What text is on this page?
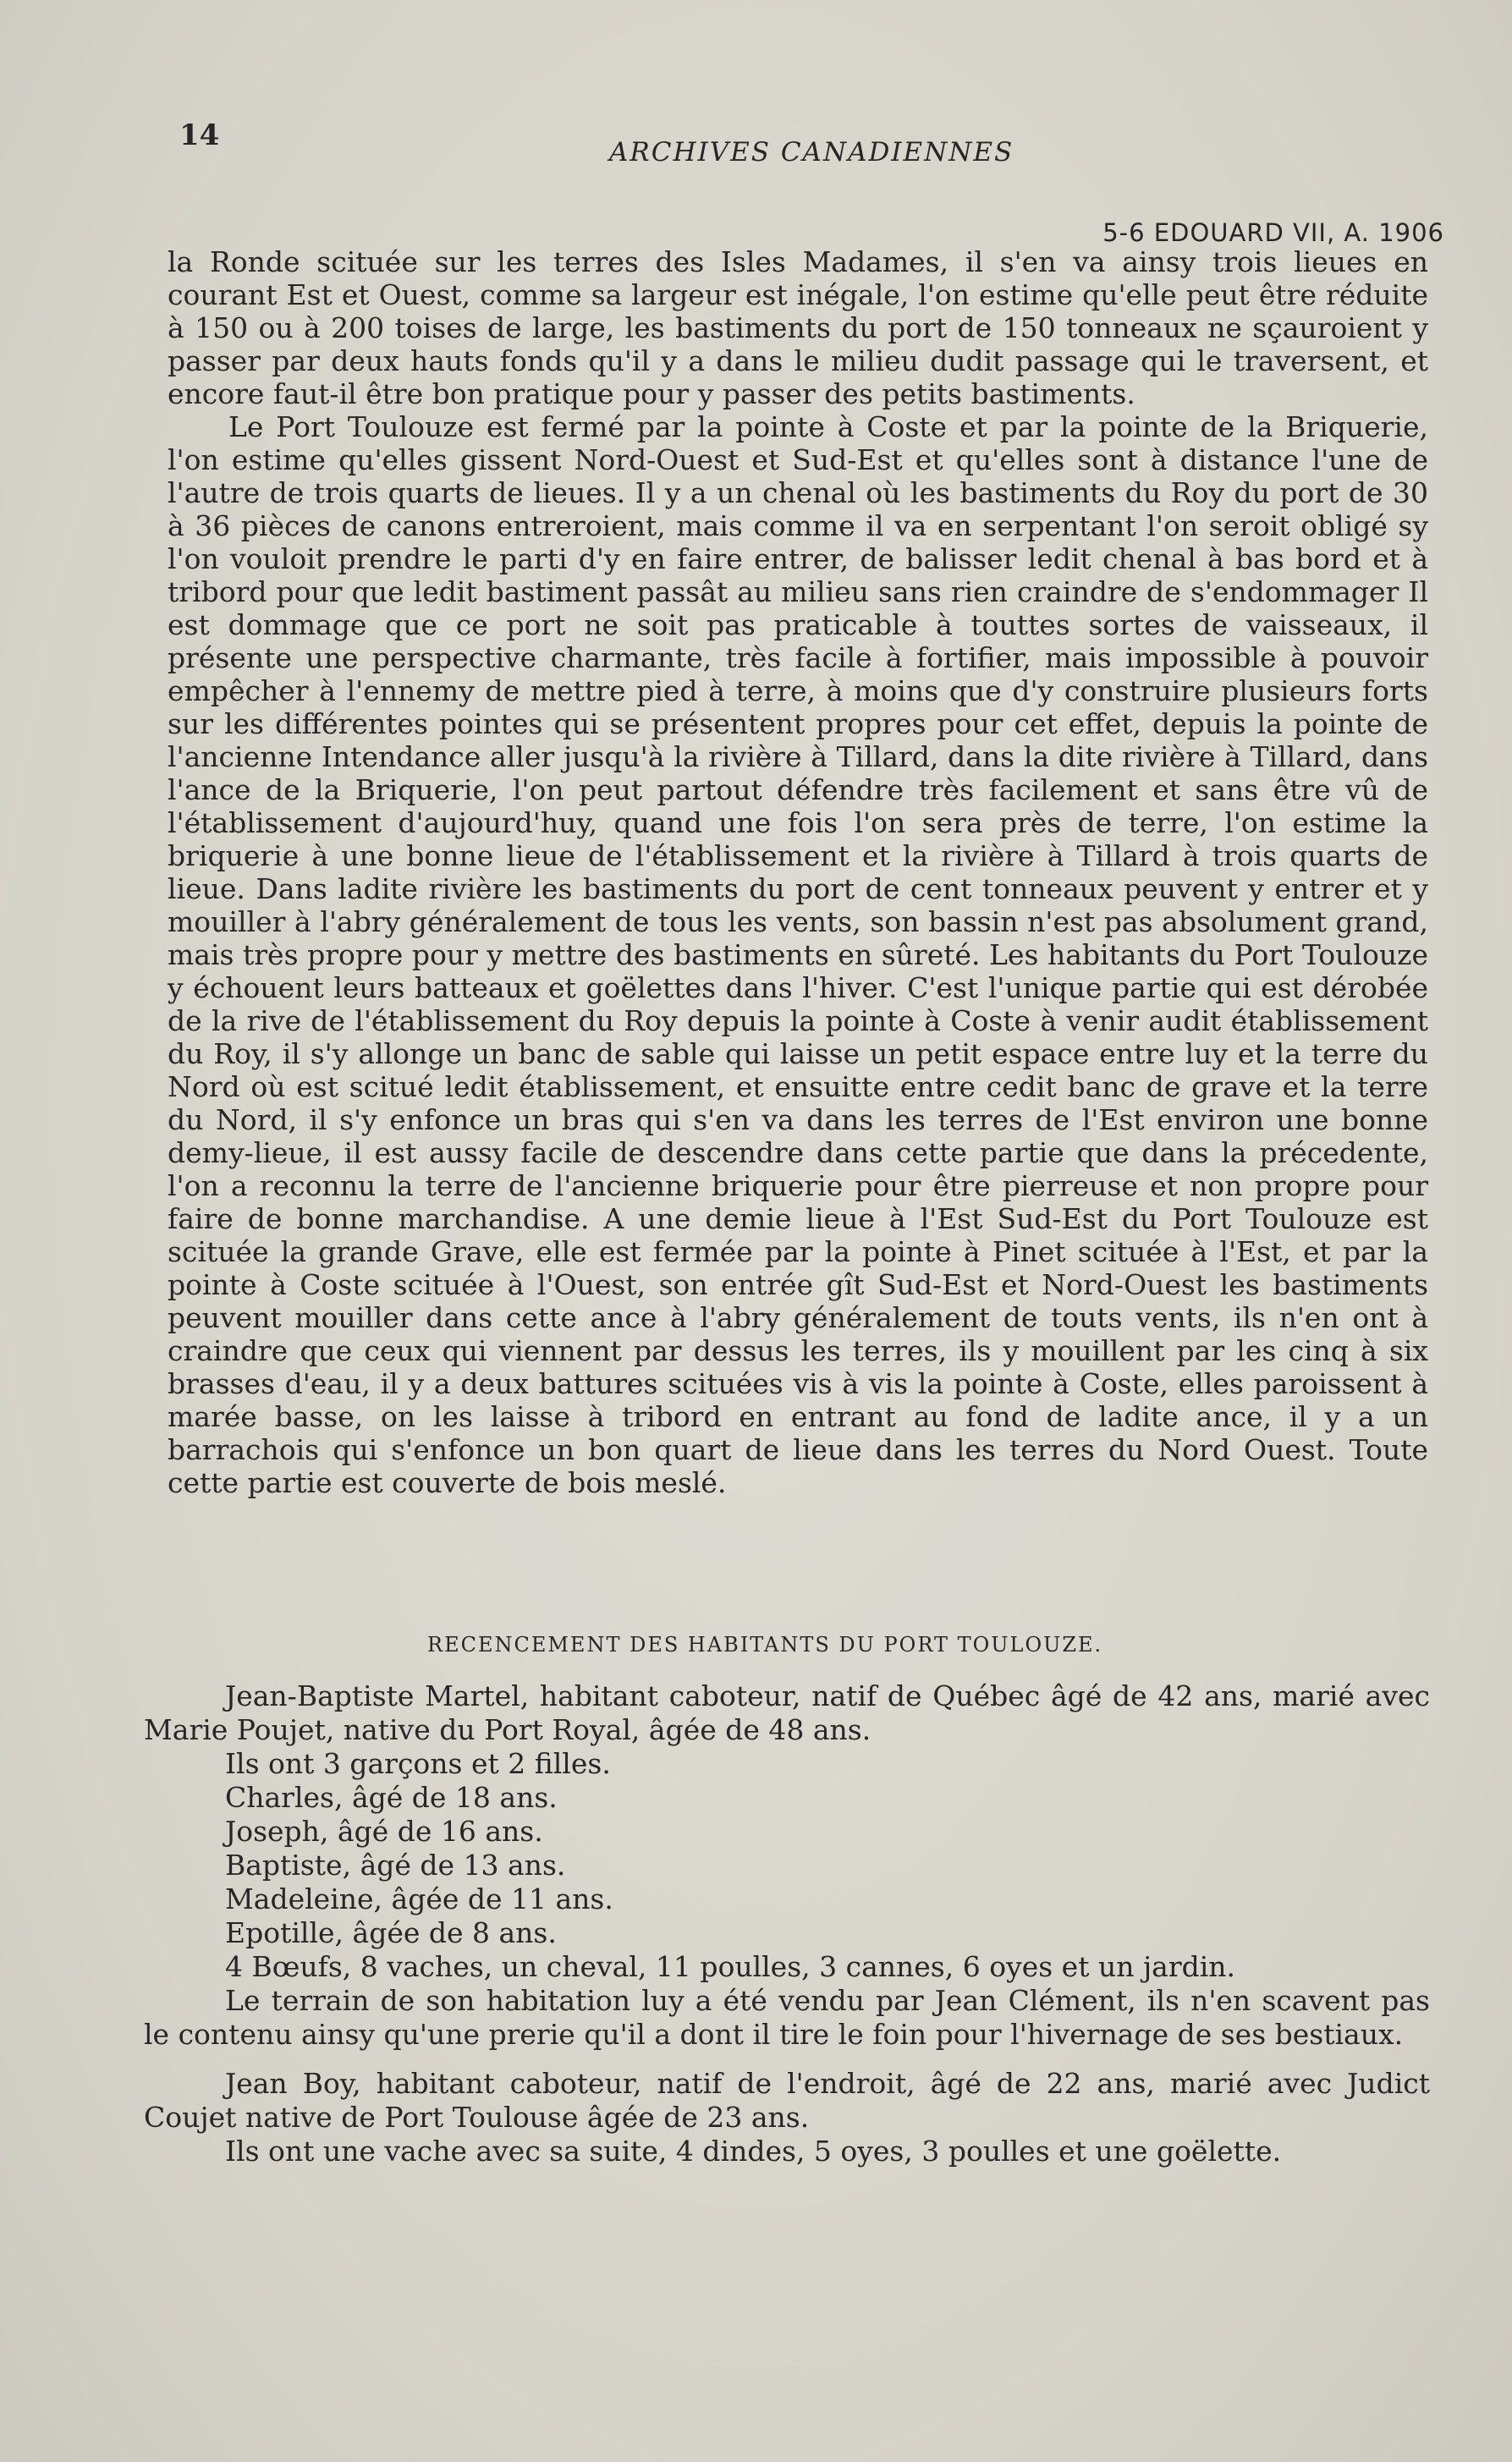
14	ARCHIVES CANADIENNES
5-6 EDOUARD VII, A. 1906

la Ronde scituée sur les terres des Isles Madames, il s'en va ainsy trois lieues en courant Est et Ouest, comme sa largeur est inégale, l'on estime qu'elle peut être réduite à 150 ou à 200 toises de large, les bastiments du port de 150 tonneaux ne sçauroient y passer par deux hauts fonds qu'il y a dans le milieu dudit passage qui le traversent, et encore faut-il être bon pratique pour y passer des petits bastiments.

Le Port Toulouze est fermé par la pointe à Coste et par la pointe de la Briquerie, l'on estime qu'elles gissent Nord-Ouest et Sud-Est et qu'elles sont à distance l'une de l'autre de trois quarts de lieues. Il y a un chenal où les bastiments du Roy du port de 30 à 36 pièces de canons entreroient, mais comme il va en serpentant l'on seroit obligé sy l'on vouloit prendre le parti d'y en faire entrer, de balisser ledit chenal à bas bord et à tribord pour que ledit bastiment passât au milieu sans rien craindre de s'endommager Il est dommage que ce port ne soit pas praticable à touttes sortes de vaisseaux, il présente une perspective charmante, très facile à fortifier, mais impossible à pouvoir empêcher à l'ennemy de mettre pied à terre, à moins que d'y construire plusieurs forts sur les différentes pointes qui se présentent propres pour cet effet, depuis la pointe de l'ancienne Intendance aller jusqu'à la rivière à Tillard, dans la dite rivière à Tillard, dans l'ance de la Briquerie, l'on peut partout défendre très facilement et sans être vû de l'établissement d'aujourd'huy, quand une fois l'on sera près de terre, l'on estime la briquerie à une bonne lieue de l'établissement et la rivière à Tillard à trois quarts de lieue. Dans ladite rivière les bastiments du port de cent tonneaux peuvent y entrer et y mouiller à l'abry généralement de tous les vents, son bassin n'est pas absolument grand, mais très propre pour y mettre des bastiments en sûreté. Les habitants du Port Toulouze y échouent leurs batteaux et goëlettes dans l'hiver. C'est l'unique partie qui est dérobée de la rive de l'établissement du Roy depuis la pointe à Coste à venir audit établissement du Roy, il s'y allonge un banc de sable qui laisse un petit espace entre luy et la terre du Nord où est scitué ledit établissement, et ensuitte entre cedit banc de grave et la terre du Nord, il s'y enfonce un bras qui s'en va dans les terres de l'Est environ une bonne demy-lieue, il est aussy facile de descendre dans cette partie que dans la précedente, l'on a reconnu la terre de l'ancienne briquerie pour être pierreuse et non propre pour faire de bonne marchandise. A une demie lieue à l'Est Sud-Est du Port Toulouze est scituée la grande Grave, elle est fermée par la pointe à Pinet scituée à l'Est, et par la pointe à Coste scituée à l'Ouest, son entrée gît Sud-Est et Nord-Ouest les bastiments peuvent mouiller dans cette ance à l'abry généralement de touts vents, ils n'en ont à craindre que ceux qui viennent par dessus les terres, ils y mouillent par les cinq à six brasses d'eau, il y a deux battures scituées vis à vis la pointe à Coste, elles paroissent à marée basse, on les laisse à tribord en entrant au fond de ladite ance, il y a un barrachois qui s'enfonce un bon quart de lieue dans les terres du Nord Ouest. Toute cette partie est couverte de bois meslé.

RECENCEMENT DES HABITANTS DU PORT TOULOUZE.

Jean-Baptiste Martel, habitant caboteur, natif de Québec âgé de 42 ans, marié avec Marie Poujet, native du Port Royal, âgée de 48 ans.

Ils ont 3 garçons et 2 filles.

Charles, âgé de 18 ans.

Joseph, âgé de 16 ans.

Baptiste, âgé de 13 ans.

Madeleine, âgée de 11 ans.

Epotille, âgée de 8 ans.

4 Bœufs, 8 vaches, un cheval, 11 poulles, 3 cannes, 6 oyes et un jardin.

Le terrain de son habitation luy a été vendu par Jean Clément, ils n'en scavent pas le contenu ainsy qu'une prerie qu'il a dont il tire le foin pour l'hivernage de ses bestiaux.

Jean Boy, habitant caboteur, natif de l'endroit, âgé de 22 ans, marié avec Judict Coujet native de Port Toulouse âgée de 23 ans.

Ils ont une vache avec sa suite, 4 dindes, 5 oyes, 3 poulles et une goëlette.
